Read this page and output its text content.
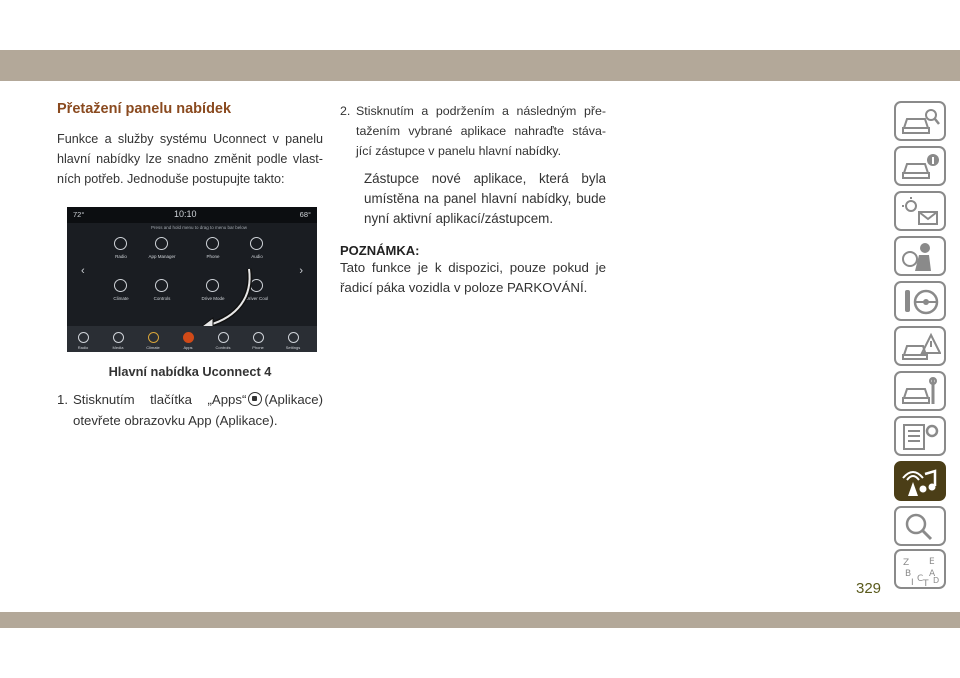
Přetažení panelu nabídek
Funkce a služby systému Uconnect v panelu hlavní nabídky lze snadno změnit podle vlast- ních potřeb. Jednoduše postupujte takto:
72°	10:10	68°
Press and hold menu to drag to menu bar below
‹	›
Radio	App Manager	Phone	Audio
Climate	Controls	Drive Mode	Driver Cool
Radio	Media	Climate	Apps	Controls	Phone	Settings
Hlavní nabídka Uconnect 4
1. Stisknutím tlačítka „Apps“ (Aplikace) otevřete obrazovku App (Aplikace).
2. Stisknutím a podržením a následným pře- tažením vybrané aplikace nahraďte stáva- jící zástupce v panelu hlavní nabídky.
Zástupce nové aplikace, která byla umístěna na panel hlavní nabídky, bude nyní aktivní aplikací/zástupcem.
POZNÁMKA:
Tato funkce je k dispozici, pouze pokud je řadicí páka vozidla v poloze PARKOVÁNÍ.
Z E
B A
I C T D
329
